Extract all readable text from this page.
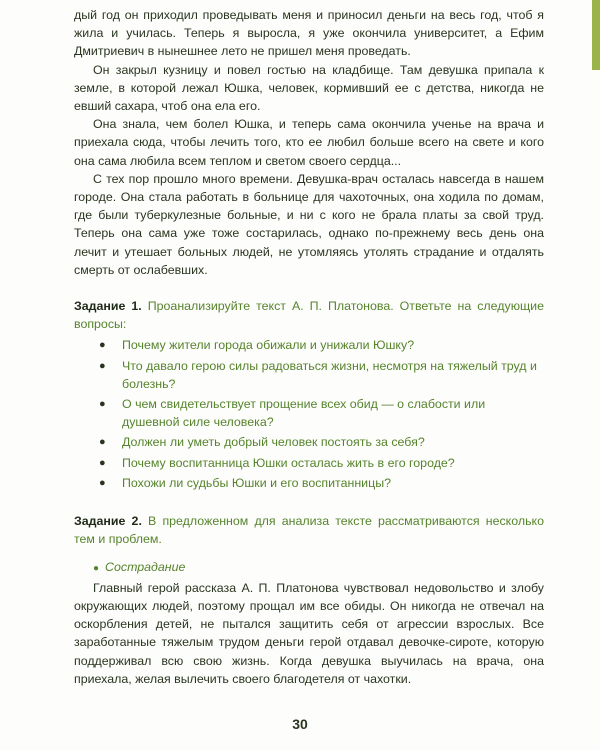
дый год он приходил проведывать меня и приносил деньги на весь год, чтоб я жила и училась. Теперь я выросла, я уже окончила университет, а Ефим Дмитриевич в нынешнее лето не пришел меня проведать.

Он закрыл кузницу и повел гостью на кладбище. Там девушка припала к земле, в которой лежал Юшка, человек, кормивший ее с детства, никогда не евший сахара, чтоб она ела его.

Она знала, чем болел Юшка, и теперь сама окончила ученье на врача и приехала сюда, чтобы лечить того, кто ее любил больше всего на свете и кого она сама любила всем теплом и светом своего сердца...

С тех пор прошло много времени. Девушка-врач осталась навсегда в нашем городе. Она стала работать в больнице для чахоточных, она ходила по домам, где были туберкулезные больные, и ни с кого не брала платы за свой труд. Теперь она сама уже тоже состарилась, однако по-прежнему весь день она лечит и утешает больных людей, не утомляясь утолять страдание и отдалять смерть от ослабевших.

Задание 1. Проанализируйте текст А. П. Платонова. Ответьте на следующие вопросы:

● Почему жители города обижали и унижали Юшку?
● Что давало герою силы радоваться жизни, несмотря на тяжелый труд и болезнь?
● О чем свидетельствует прощение всех обид — о слабости или душевной силе человека?
● Должен ли уметь добрый человек постоять за себя?
● Почему воспитанница Юшки осталась жить в его городе?
● Похожи ли судьбы Юшки и его воспитанницы?

Задание 2. В предложенном для анализа тексте рассматриваются несколько тем и проблем.

● Сострадание

Главный герой рассказа А. П. Платонова чувствовал недовольство и злобу окружающих людей, поэтому прощал им все обиды. Он никогда не отвечал на оскорбления детей, не пытался защитить себя от агрессии взрослых. Все заработанные тяжелым трудом деньги герой отдавал девочке-сироте, которую поддерживал всю свою жизнь. Когда девушка выучилась на врача, она приехала, желая вылечить своего благодетеля от чахотки.

30
